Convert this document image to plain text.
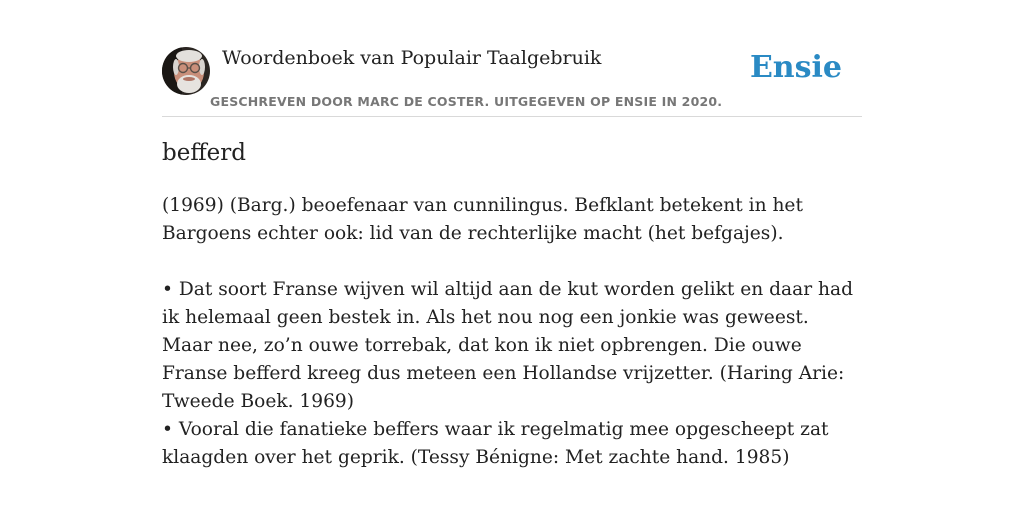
Woordenboek van Populair Taalgebruik
GESCHREVEN DOOR MARC DE COSTER. UITGEGEVEN OP ENSIE IN 2020.
Ensie
befferd

(1969) (Barg.) beoefenaar van cunnilingus. Befklant betekent in het Bargoens echter ook: lid van de rechterlijke macht (het befgajes).

• Dat soort Franse wijven wil altijd aan de kut worden gelikt en daar had ik helemaal geen bestek in. Als het nou nog een jonkie was geweest. Maar nee, zo’n ouwe torrebak, dat kon ik niet opbrengen. Die ouwe Franse befferd kreeg dus meteen een Hollandse vrijzetter. (Haring Arie: Tweede Boek. 1969)

• Vooral die fanatieke beffers waar ik regelmatig mee opgescheept zat klaagden over het geprik. (Tessy Bénigne: Met zachte hand. 1985)
